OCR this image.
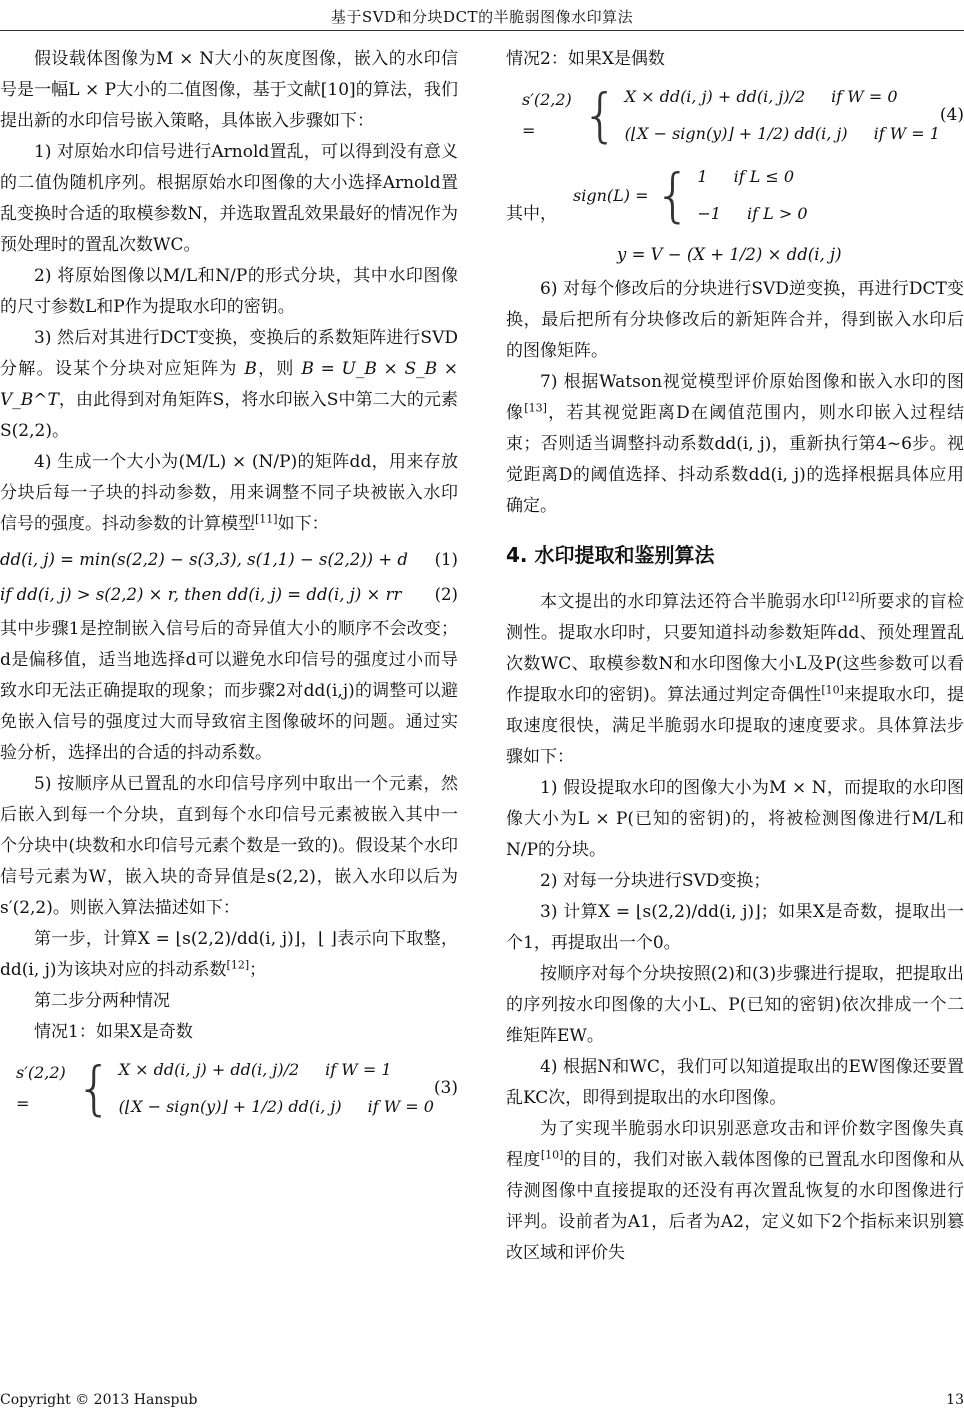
基于SVD和分块DCT的半脆弱图像水印算法

假设载体图像为M × N大小的灰度图像，嵌入的水印信号是一幅L × P大小的二值图像，基于文献[10]的算法，我们提出新的水印信号嵌入策略，具体嵌入步骤如下：

1) 对原始水印信号进行Arnold置乱，可以得到没有意义的二值伪随机序列。根据原始水印图像的大小选择Arnold置乱变换时合适的取模参数N，并选取置乱效果最好的情况作为预处理时的置乱次数WC。

2) 将原始图像以M/L和N/P的形式分块，其中水印图像的尺寸参数L和P作为提取水印的密钥。

3) 然后对其进行DCT变换，变换后的系数矩阵进行SVD分解。设某个分块对应矩阵为 B，则 B = U_B × S_B × V_B^T，由此得到对角矩阵S，将水印嵌入S中第二大的元素S(2,2)。

4) 生成一个大小为(M/L) × (N/P)的矩阵dd，用来存放分块后每一子块的抖动参数，用来调整不同子块被嵌入水印信号的强度。抖动参数的计算模型[11]如下：

dd(i, j) = min(s(2,2) − s(3,3), s(1,1) − s(2,2)) + d (1)
if dd(i, j) > s(2,2) × r, then dd(i, j) = dd(i, j) × rr (2)

其中步骤1是控制嵌入信号后的奇异值大小的顺序不会改变；d是偏移值，适当地选择d可以避免水印信号的强度过小而导致水印无法正确提取的现象；而步骤2对dd(i,j)的调整可以避免嵌入信号的强度过大而导致宿主图像破坏的问题。通过实验分析，选择出的合适的抖动系数。

5) 按顺序从已置乱的水印信号序列中取出一个元素，然后嵌入到每一个分块，直到每个水印信号元素被嵌入其中一个分块中(块数和水印信号元素个数是一致的)。假设某个水印信号元素为W，嵌入块的奇异值是s(2,2)，嵌入水印以后为s′(2,2)。则嵌入算法描述如下：

第一步，计算X = ⌊s(2,2)/dd(i, j)⌋，⌊ ⌋表示向下取整，dd(i, j)为该块对应的抖动系数[12]；

第二步分两种情况

情况1：如果X是奇数

s′(2,2) = { X × dd(i, j) + dd(i, j)/2 if W = 1
(⌊X − sign(y)⌋ + 1/2) dd(i, j) if W = 0
(3)

情况2：如果X是偶数

s′(2,2) = { X × dd(i, j) + dd(i, j)/2 if W = 0
(⌊X − sign(y)⌋ + 1/2) dd(i, j) if W = 1
(4)
其中，
sign(L) = { 1 if L ≤ 0
−1 if L > 0
y = V − (X + 1/2) × dd(i, j)

6) 对每个修改后的分块进行SVD逆变换，再进行DCT变换，最后把所有分块修改后的新矩阵合并，得到嵌入水印后的图像矩阵。

7) 根据Watson视觉模型评价原始图像和嵌入水印的图像[13]，若其视觉距离D在阈值范围内，则水印嵌入过程结束；否则适当调整抖动系数dd(i, j)，重新执行第4~6步。视觉距离D的阈值选择、抖动系数dd(i, j)的选择根据具体应用确定。

4. 水印提取和鉴别算法

本文提出的水印算法还符合半脆弱水印[12]所要求的盲检测性。提取水印时，只要知道抖动参数矩阵dd、预处理置乱次数WC、取模参数N和水印图像大小L及P(这些参数可以看作提取水印的密钥)。算法通过判定奇偶性[10]来提取水印，提取速度很快，满足半脆弱水印提取的速度要求。具体算法步骤如下：

1) 假设提取水印的图像大小为M × N，而提取的水印图像大小为L × P(已知的密钥)的，将被检测图像进行M/L和N/P的分块。

2) 对每一分块进行SVD变换；

3) 计算X = ⌊s(2,2)/dd(i, j)⌋；如果X是奇数，提取出一个1，再提取出一个0。

按顺序对每个分块按照(2)和(3)步骤进行提取，把提取出的序列按水印图像的大小L、P(已知的密钥)依次排成一个二维矩阵EW。

4) 根据N和WC，我们可以知道提取出的EW图像还要置乱KC次，即得到提取出的水印图像。

为了实现半脆弱水印识别恶意攻击和评价数字图像失真程度[10]的目的，我们对嵌入载体图像的已置乱水印图像和从待测图像中直接提取的还没有再次置乱恢复的水印图像进行评判。设前者为A1，后者为A2，定义如下2个指标来识别篡改区域和评价失

Copyright © 2013 Hanspub	13
